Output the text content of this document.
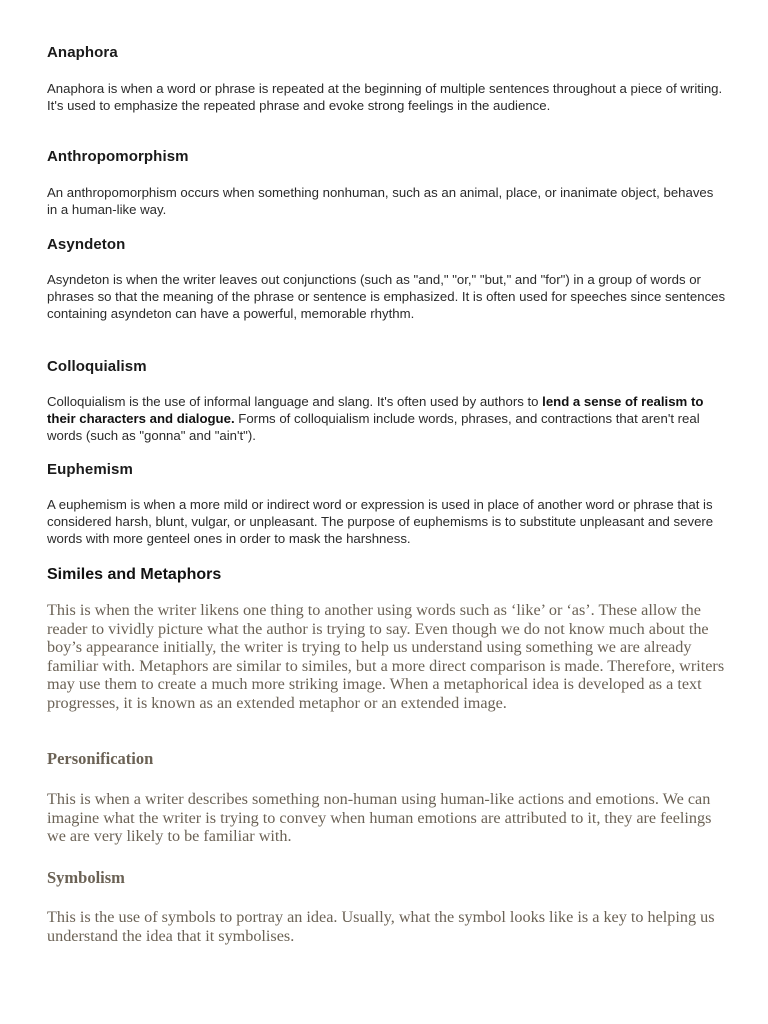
Anaphora

Anaphora is when a word or phrase is repeated at the beginning of multiple sentences throughout a piece of writing. It's used to emphasize the repeated phrase and evoke strong feelings in the audience.

Anthropomorphism

An anthropomorphism occurs when something nonhuman, such as an animal, place, or inanimate object, behaves in a human-like way.

Asyndeton

Asyndeton is when the writer leaves out conjunctions (such as "and," "or," "but," and "for") in a group of words or phrases so that the meaning of the phrase or sentence is emphasized. It is often used for speeches since sentences containing asyndeton can have a powerful, memorable rhythm.

Colloquialism

Colloquialism is the use of informal language and slang. It's often used by authors to lend a sense of realism to their characters and dialogue. Forms of colloquialism include words, phrases, and contractions that aren't real words (such as "gonna" and "ain't").

Euphemism

A euphemism is when a more mild or indirect word or expression is used in place of another word or phrase that is considered harsh, blunt, vulgar, or unpleasant. The purpose of euphemisms is to substitute unpleasant and severe words with more genteel ones in order to mask the harshness.

Similes and Metaphors

This is when the writer likens one thing to another using words such as ‘like’ or ‘as’. These allow the reader to vividly picture what the author is trying to say. Even though we do not know much about the boy’s appearance initially, the writer is trying to help us understand using something we are already familiar with. Metaphors are similar to similes, but a more direct comparison is made. Therefore, writers may use them to create a much more striking image. When a metaphorical idea is developed as a text progresses, it is known as an extended metaphor or an extended image.

Personification

This is when a writer describes something non-human using human-like actions and emotions. We can imagine what the writer is trying to convey when human emotions are attributed to it, they are feelings we are very likely to be familiar with.

Symbolism

This is the use of symbols to portray an idea. Usually, what the symbol looks like is a key to helping us understand the idea that it symbolises.
